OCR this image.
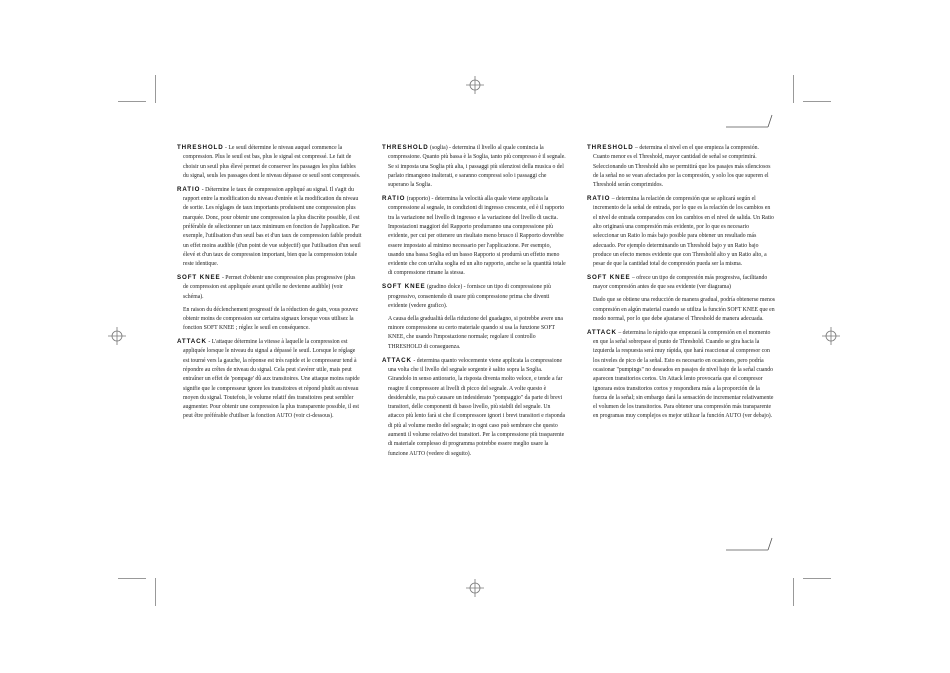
THRESHOLD - Le seuil détermine le niveau auquel commence la compression. Plus le seuil est bas, plus le signal est compressé. Le fait de choisir un seuil plus élevé permet de conserver les passages les plus faibles du signal, seuls les passages dont le niveau dépasse ce seuil sont compressés.

RATIO - Détermine le taux de compression appliqué au signal. Il s'agit du rapport entre la modification du niveau d'entrée et la modification du niveau de sortie. Les réglages de taux importants produisent une compression plus marquée. Donc, pour obtenir une compression la plus discrète possible, il est préférable de sélectionner un taux minimum en fonction de l'application. Par exemple, l'utilisation d'un seuil bas et d'un taux de compression faible produit un effet moins audible (d'un point de vue subjectif) que l'utilisation d'un seuil élevé et d'un taux de compression important, bien que la compression totale reste identique.

SOFT KNEE - Permet d'obtenir une compression plus progressive (plus de compression est appliquée avant qu'elle ne devienne audible) (voir schéma).

En raison du déclenchement progressif de la réduction de gain, vous pouvez obtenir moins de compression sur certains signaux lorsque vous utilisez la fonction SOFT KNEE ; réglez le seuil en conséquence.

ATTACK - L'attaque détermine la vitesse à laquelle la compression est appliquée lorsque le niveau du signal a dépassé le seuil. Lorsque le réglage est tourné vers la gauche, la réponse est très rapide et le compresseur tend à répondre au crêtes de niveau du signal. Cela peut s'avérer utile, mais peut entraîner un effet de 'pompage' dû aux transitoires. Une attaque moins rapide signifie que le compresseur ignore les transitoires et répond plutôt au niveau moyen du signal. Toutefois, le volume relatif des transitoires peut sembler augmenter. Pour obtenir une compression la plus transparente possible, il est peut être préférable d'utiliser la fonction AUTO (voir ci-dessous).

THRESHOLD (soglia) - determina il livello al quale comincia la compressione. Quanto più bassa è la Soglia, tanto più compresso è il segnale. Se si imposta una Soglia più alta, i passaggi più silenziosi della musica o del parlato rimangono inalterati, e saranno compressi solo i passaggi che superano la Soglia.

RATIO (rapporto) - determina la velocità alla quale viene applicata la compressione al segnale, in condizioni di ingresso crescente, ed è il rapporto tra la variazione nel livello di ingresso e la variazione del livello di uscita. Impostazioni maggiori del Rapporto produrranno una compressione più evidente, per cui per ottenere un risultato meno brusco il Rapporto dovrebbe essere impostato al minimo necessario per l'applicazione. Per esempio, usando una bassa Soglia ed un basso Rapporto si produrrà un effetto meno evidente che con un'alta soglia ed un alto rapporto, anche se la quantità totale di compressione rimane la stessa.

SOFT KNEE (gradino dolce) - fornisce un tipo di compressione più progressivo, consentendo di usare più compressione prima che diventi evidente (vedere grafico).

A causa della gradualità della riduzione del guadagno, si potrebbe avere una minore compressione su certo materiale quando si usa la funzione SOFT KNEE, che usando l'impostazione normale; regolare il controllo THRESHOLD di conseguenza.

ATTACK - determina quanto velocemente viene applicata la compressione una volta che il livello del segnale sorgente è salito sopra la Soglia. Girandolo in senso antiorario, la risposta diventa molto veloce, e tende a far reagire il compressore ai livelli di picco del segnale. A volte questo è desiderabile, ma può causare un indesiderato "pompaggio" da parte di brevi transitori, delle componenti di basso livello, più stabili del segnale. Un attacco più lento farà si che il compressore ignori i brevi transitori e risponda di più al volume medio del segnale; in ogni caso può sembrare che questo aumenti il volume relativo dei transitori. Per la compressione più trasparente di materiale complesso di programma potrebbe essere meglio usare la funzione AUTO (vedere di seguito).

THRESHOLD – determina el nivel en el que empieza la compresión. Cuanto menor es el Threshold, mayor cantidad de señal se comprimirá. Seleccionando un Threshold alto se permitirá que los pasajes más silenciosos de la señal no se vean afectados por la compresión, y solo los que superen el Threshold serán comprimidos.

RATIO – determina la relación de compresión que se aplicará según el incremento de la señal de entrada, por lo que es la relación de los cambios en el nivel de entrada comparados con los cambios en el nivel de salida. Un Ratio alto originará una compresión más evidente, por lo que es necesario seleccionar un Ratio lo más bajo posible para obtener un resultado más adecuado. Por ejemplo determinando un Threshold bajo y un Ratio bajo produce un efecto menos evidente que con Threshold alto y un Ratio alto, a pesar de que la cantidad total de compresión pueda ser la misma.

SOFT KNEE – ofrece un tipo de compresión más progresiva, facilitando mayor compresión antes de que sea evidente (ver diagrama)

Dado que se obtiene una reducción de manera gradual, podría obtenerse menos compresión en algún material cuando se utiliza la función SOFT KNEE que en modo normal, por lo que debe ajustarse el Threshold de manera adecuada.

ATTACK – determina lo rápido que empezará la compresión en el momento en que la señal sobrepase el punto de Threshold. Cuando se gira hacia la izquierda la respuesta será muy rápida, que hará reaccionar al compresor con los niveles de pico de la señal. Esto es necesario en ocasiones, pero podría ocasionar "pumpings" no deseados en pasajes de nivel bajo de la señal cuando aparecen transitorios cortos. Un Attack lento provocaría que el compresor ignorara estos transitorios cortos y respondiera más a la proporción de la fuerza de la señal; sin embargo dará la sensación de incrementar relativamente el volumen de los transitorios. Para obtener una compresión más transparente en programas muy complejos es mejor utilizar la función AUTO (ver debajo).
